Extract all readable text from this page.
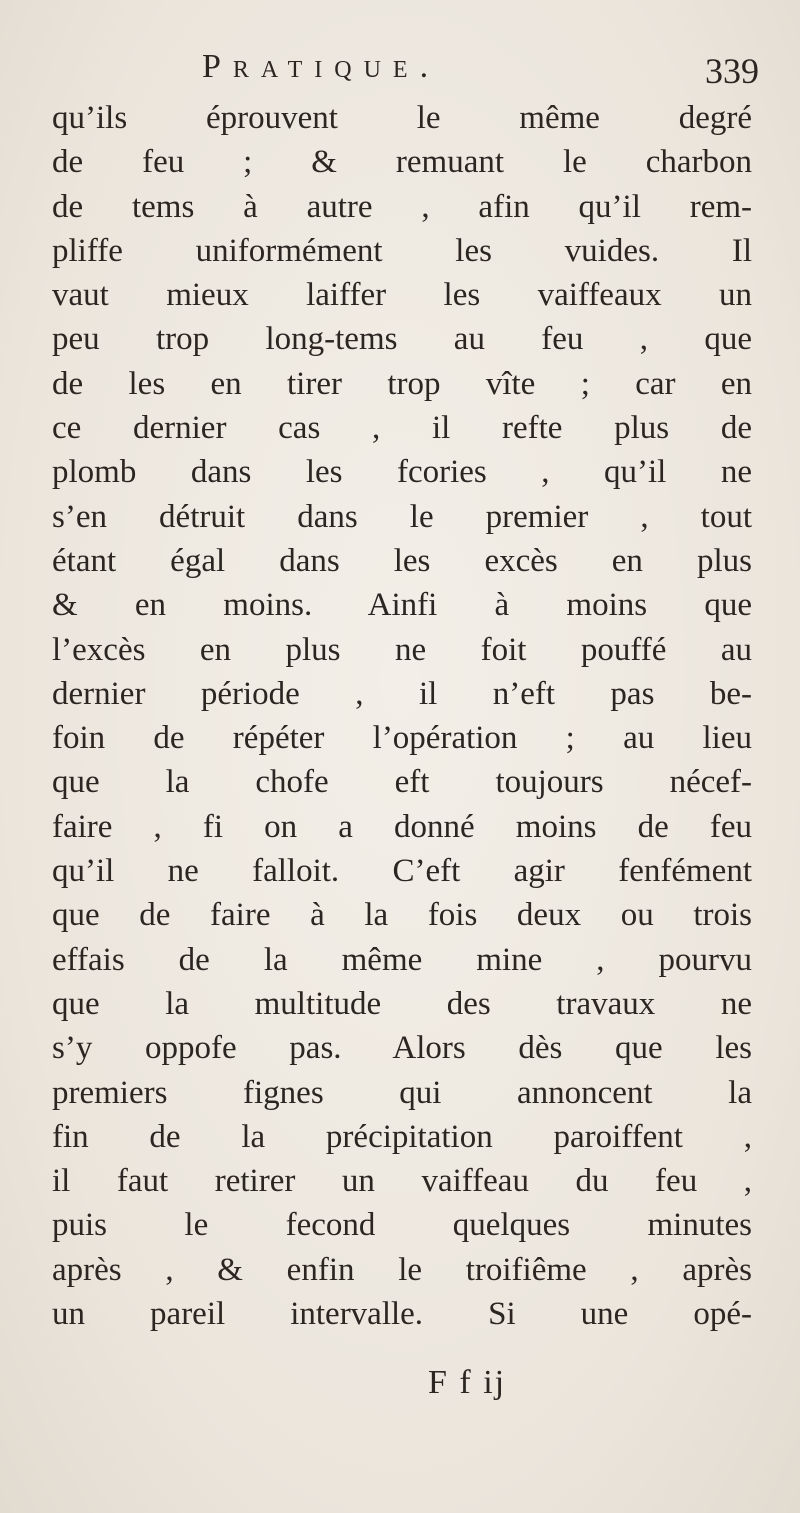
Pratique.	339
qu’ils éprouvent le même degré
de feu ; & remuant le charbon
de tems à autre , afin qu’il rem-
pliffe uniformément les vuides. Il
vaut mieux laiffer les vaiffeaux un
peu trop long-tems au feu , que
de les en tirer trop vîte ; car en
ce dernier cas , il refte plus de
plomb dans les fcories , qu’il ne
s’en détruit dans le premier , tout
étant égal dans les excès en plus
& en moins. Ainfi à moins que
l’excès en plus ne foit pouffé au
dernier période , il n’eft pas be-
foin de répéter l’opération ; au lieu
que la chofe eft toujours nécef-
faire , fi on a donné moins de feu
qu’il ne falloit. C’eft agir fenfément
que de faire à la fois deux ou trois
effais de la même mine , pourvu
que la multitude des travaux ne
s’y oppofe pas. Alors dès que les
premiers fignes qui annoncent la
fin de la précipitation paroiffent ,
il faut retirer un vaiffeau du feu ,
puis le fecond quelques minutes
après , & enfin le troifiême , après
un pareil intervalle. Si une opé-
F f ij
